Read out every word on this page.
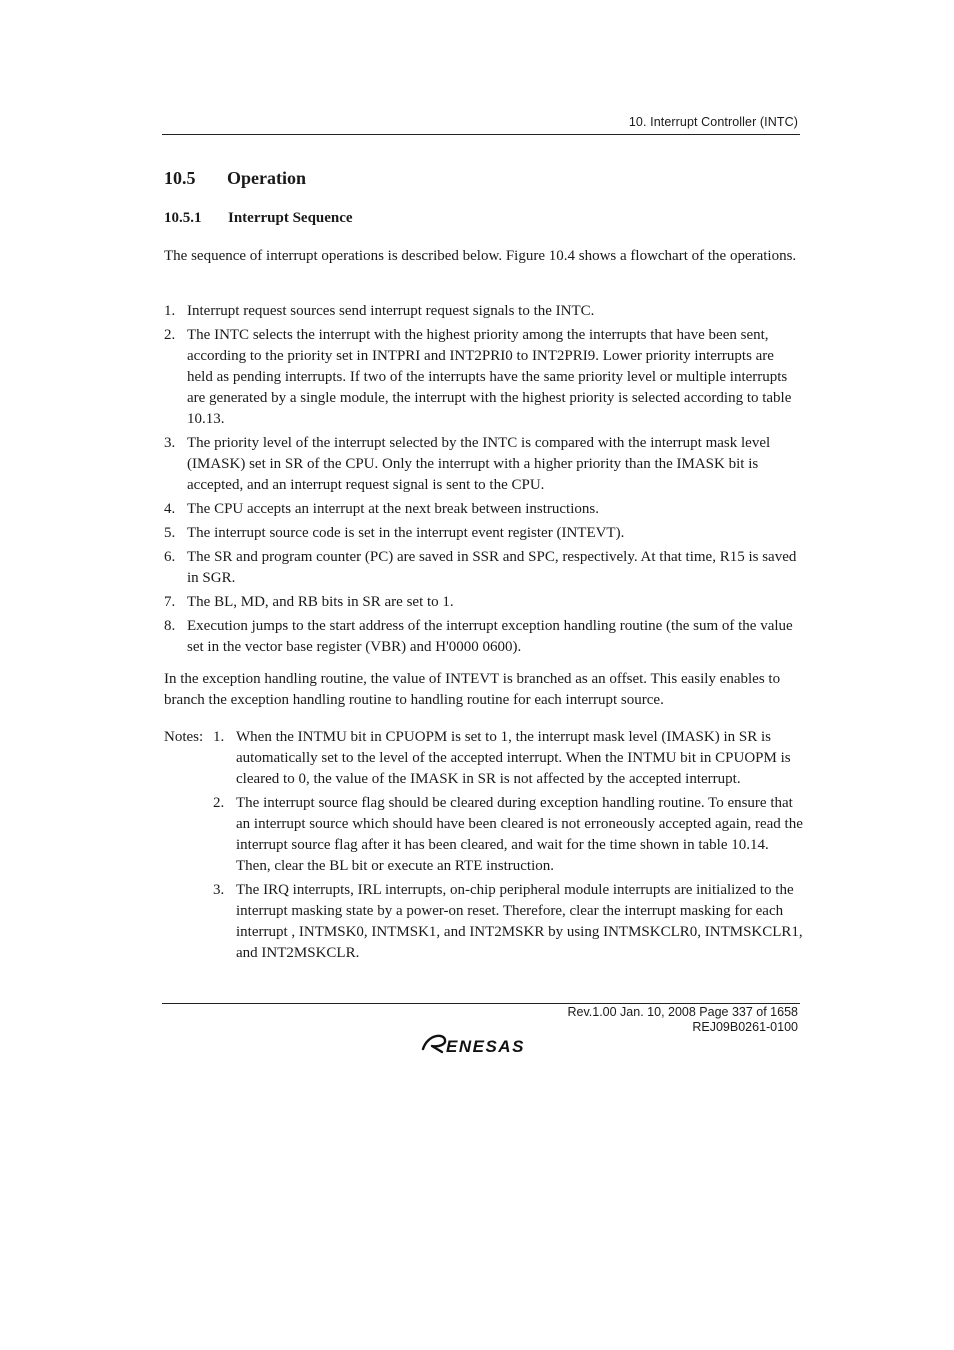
10. Interrupt Controller (INTC)
10.5 Operation
10.5.1 Interrupt Sequence
The sequence of interrupt operations is described below. Figure 10.4 shows a flowchart of the operations.
1. Interrupt request sources send interrupt request signals to the INTC.
2. The INTC selects the interrupt with the highest priority among the interrupts that have been sent, according to the priority set in INTPRI and INT2PRI0 to INT2PRI9. Lower priority interrupts are held as pending interrupts. If two of the interrupts have the same priority level or multiple interrupts are generated by a single module, the interrupt with the highest priority is selected according to table 10.13.
3. The priority level of the interrupt selected by the INTC is compared with the interrupt mask level (IMASK) set in SR of the CPU. Only the interrupt with a higher priority than the IMASK bit is accepted, and an interrupt request signal is sent to the CPU.
4. The CPU accepts an interrupt at the next break between instructions.
5. The interrupt source code is set in the interrupt event register (INTEVT).
6. The SR and program counter (PC) are saved in SSR and SPC, respectively. At that time, R15 is saved in SGR.
7. The BL, MD, and RB bits in SR are set to 1.
8. Execution jumps to the start address of the interrupt exception handling routine (the sum of the value set in the vector base register (VBR) and H'0000 0600).
In the exception handling routine, the value of INTEVT is branched as an offset. This easily enables to branch the exception handling routine to handling routine for each interrupt source.
Notes: 1. When the INTMU bit in CPUOPM is set to 1, the interrupt mask level (IMASK) in SR is automatically set to the level of the accepted interrupt. When the INTMU bit in CPUOPM is cleared to 0, the value of the IMASK in SR is not affected by the accepted interrupt.
2. The interrupt source flag should be cleared during exception handling routine. To ensure that an interrupt source which should have been cleared is not erroneously accepted again, read the interrupt source flag after it has been cleared, and wait for the time shown in table 10.14. Then, clear the BL bit or execute an RTE instruction.
3. The IRQ interrupts, IRL interrupts, on-chip peripheral module interrupts are initialized to the interrupt masking state by a power-on reset. Therefore, clear the interrupt masking for each interrupt , INTMSK0, INTMSK1, and INT2MSKR by using INTMSKCLR0, INTMSKCLR1, and INT2MSKCLR.
Rev.1.00 Jan. 10, 2008 Page 337 of 1658
REJ09B0261-0100
ENESAS
